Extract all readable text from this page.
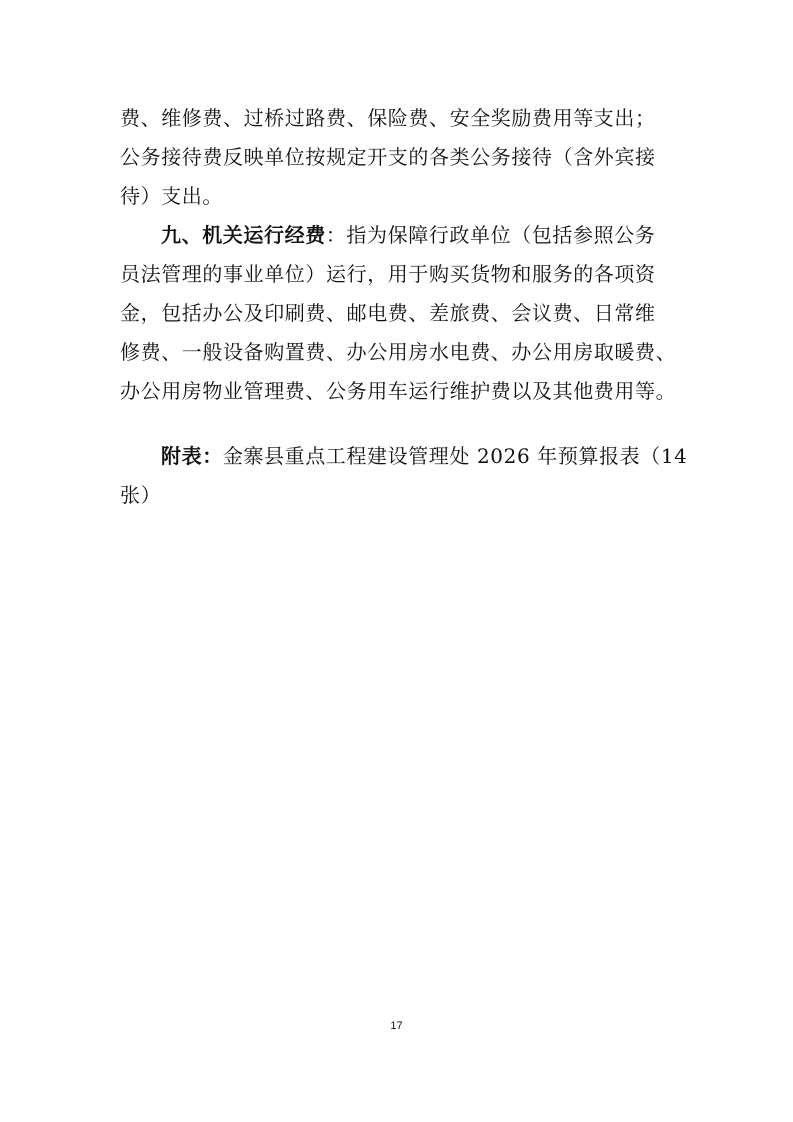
费、维修费、过桥过路费、保险费、安全奖励费用等支出；
公务接待费反映单位按规定开支的各类公务接待（含外宾接
待）支出。
九、机关运行经费：指为保障行政单位（包括参照公务
员法管理的事业单位）运行，用于购买货物和服务的各项资
金，包括办公及印刷费、邮电费、差旅费、会议费、日常维
修费、一般设备购置费、办公用房水电费、办公用房取暖费、
办公用房物业管理费、公务用车运行维护费以及其他费用等。
附表：金寨县重点工程建设管理处 2026 年预算报表（14
张）
17
